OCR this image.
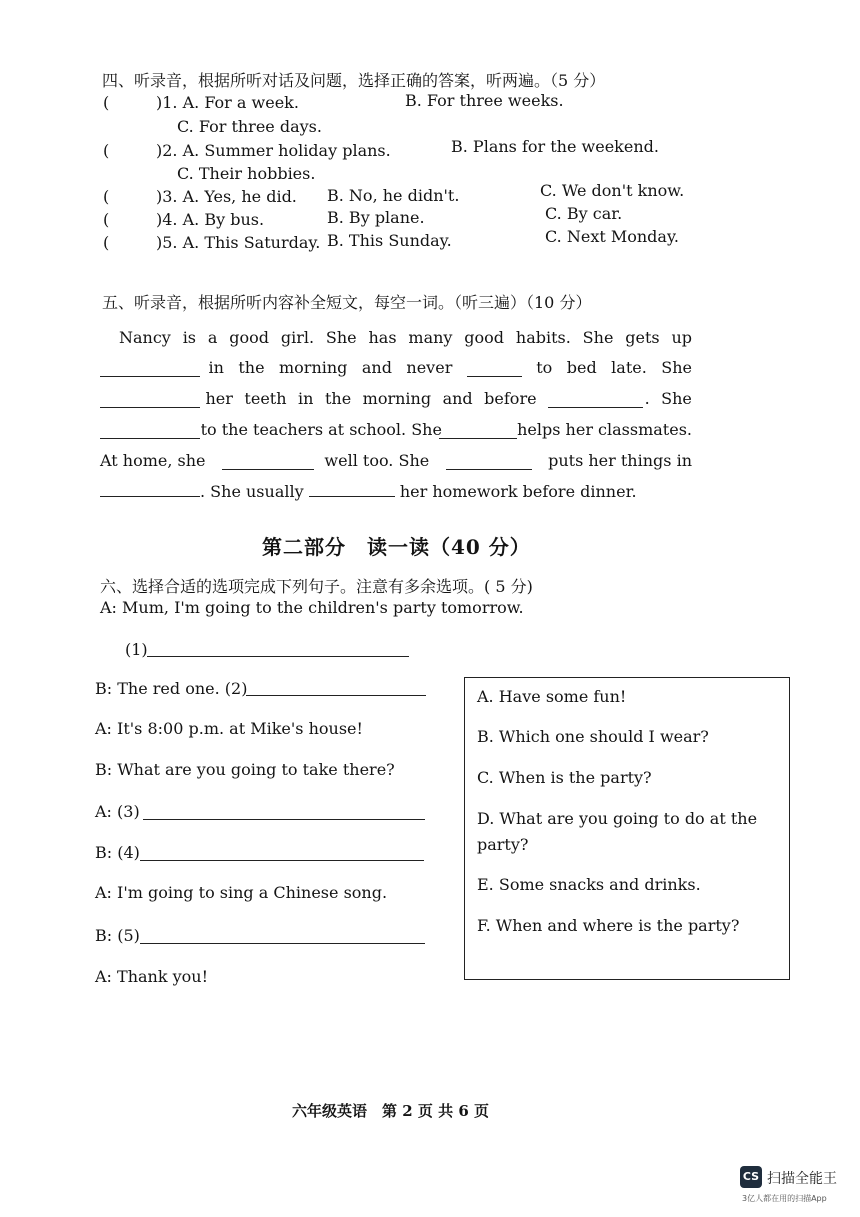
四、听录音，根据所听对话及问题，选择正确的答案，听两遍。（5 分）
(	)1. A. For a week.	B. For three weeks.
C. For three days.
(	)2. A. Summer holiday plans.	B. Plans for the weekend.
C. Their hobbies.
(	)3. A. Yes, he did. B. No, he didn't.	C. We don't know.
(	)4. A. By bus.	B. By plane.	C. By car.
(	)5. A. This Saturday. B. This Sunday.	C. Next Monday.
五、听录音，根据所听内容补全短文，每空一词。（听三遍）（10 分）
Nancy is a good girl. She has many good habits. She gets up
in the morning and never	to bed late. She
her teeth in the morning and before	. She
to the teachers at school. She	helps her classmates.
At home, she	well too. She	puts her things in
. She usually	her homework before dinner.
第二部分　读一读（40 分）
六、选择合适的选项完成下列句子。注意有多余选项。( 5 分)
A: Mum, I'm going to the children's party tomorrow.
(1)
B: The red one. (2)
A: It's 8:00 p.m. at Mike's house!
B: What are you going to take there?
A: (3)
B: (4)
A: I'm going to sing a Chinese song.
B: (5)
A: Thank you!
A. Have some fun!
B. Which one should I wear?
C. When is the party?
D. What are you going to do at the party?
E. Some snacks and drinks.
F. When and where is the party?
六年级英语　第 2 页 共 6 页
CS 扫描全能王
3亿人都在用的扫描App
